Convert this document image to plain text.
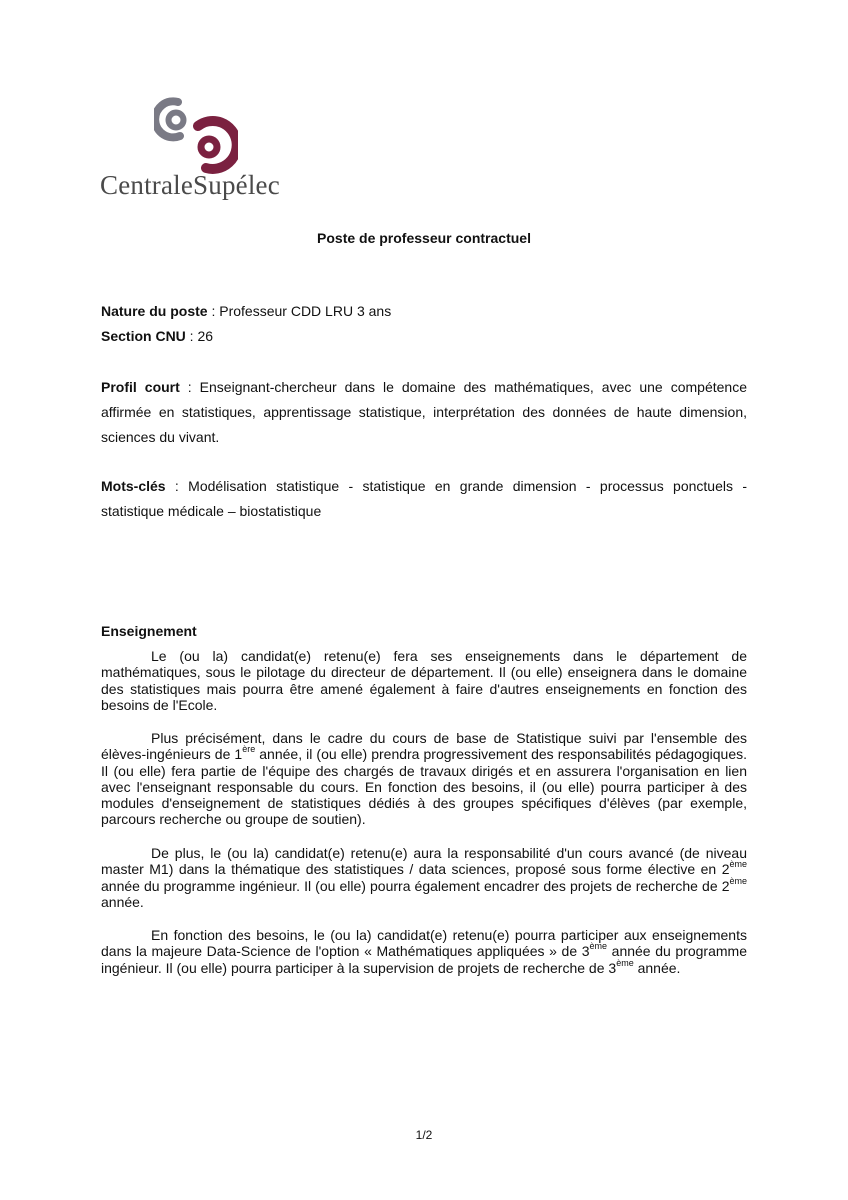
CentraleSupélec
Poste de professeur contractuel
Nature du poste : Professeur CDD LRU 3 ans
Section CNU : 26
Profil court : Enseignant-chercheur dans le domaine des mathématiques, avec une compétence affirmée en statistiques, apprentissage statistique, interprétation des données de haute dimension, sciences du vivant.
Mots-clés : Modélisation statistique - statistique en grande dimension - processus ponctuels - statistique médicale – biostatistique
Enseignement
Le (ou la) candidat(e) retenu(e) fera ses enseignements dans le département de mathématiques, sous le pilotage du directeur de département. Il (ou elle) enseignera dans le domaine des statistiques mais pourra être amené également à faire d'autres enseignements en fonction des besoins de l'Ecole.
Plus précisément, dans le cadre du cours de base de Statistique suivi par l'ensemble des élèves-ingénieurs de 1ère année, il (ou elle) prendra progressivement des responsabilités pédagogiques. Il (ou elle) fera partie de l'équipe des chargés de travaux dirigés et en assurera l'organisation en lien avec l'enseignant responsable du cours. En fonction des besoins, il (ou elle) pourra participer à des modules d'enseignement de statistiques dédiés à des groupes spécifiques d'élèves (par exemple, parcours recherche ou groupe de soutien).
De plus, le (ou la) candidat(e) retenu(e) aura la responsabilité d'un cours avancé (de niveau master M1) dans la thématique des statistiques / data sciences, proposé sous forme élective en 2ème année du programme ingénieur. Il (ou elle) pourra également encadrer des projets de recherche de 2ème année.
En fonction des besoins, le (ou la) candidat(e) retenu(e) pourra participer aux enseignements dans la majeure Data-Science de l'option « Mathématiques appliquées » de 3ème année du programme ingénieur. Il (ou elle) pourra participer à la supervision de projets de recherche de 3ème année.
1/2
